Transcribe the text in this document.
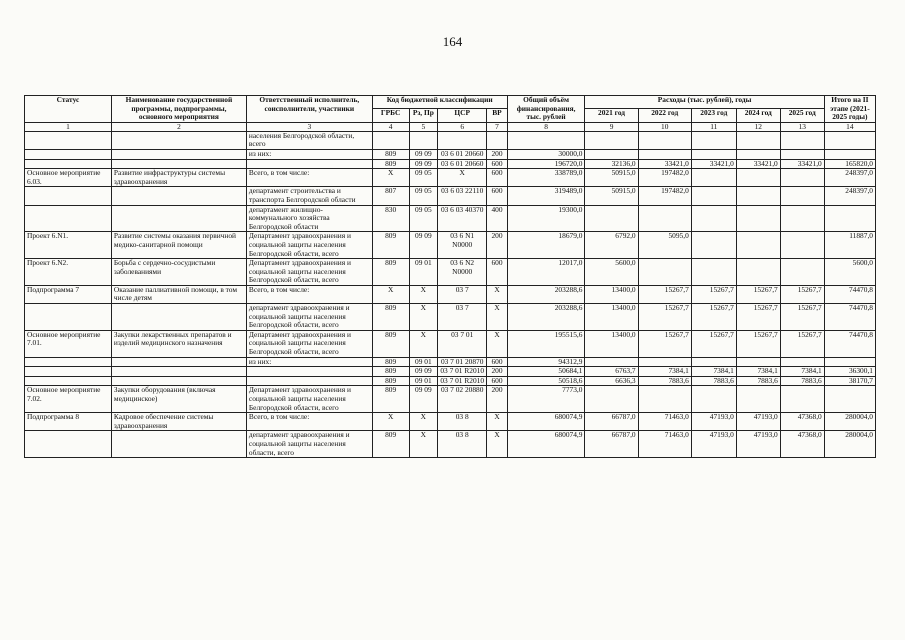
164
Статус	Наименование государственной программы, подпрограммы, основного мероприятия	Ответственный исполнитель, соисполнители, участники	Код бюджетной классификации				Общий объём финансирования, тыс. рублей	Расходы (тыс. рублей), годы					Итого на II этапе (2021-2025 годы)
			ГРБС	Рз, Пр	ЦСР	ВР		2021 год	2022 год	2023 год	2024 год	2025 год	
1	2	3	4	5	6	7	8	9	10	11	12	13	14
		населения Белгородской области, всего											
		из них:	809	09 09	03 6 01 20660	200	30000,0						
			809	09 09	03 6 01 20660	600	196720,0	32136,0	33421,0	33421,0	33421,0	33421,0	165820,0
Основное мероприятие 6.03.	Развитие инфраструктуры системы здравоохранения	Всего, в том числе:	Х	09 05	Х	600	338789,0	50915,0	197482,0				248397,0
		департамент строительства и транспорта Белгородской области	807	09 05	03 6 03 22110	600	319489,0	50915,0	197482,0				248397,0
		департамент жилищно-коммунального хозяйства Белгородской области	830	09 05	03 6 03 40370	400	19300,0						
Проект 6.N1.	Развитие системы оказания первичной медико-санитарной помощи	Департамент здравоохранения и социальной защиты населения Белгородской области, всего	809	09 09	03 6 N1 N0000	200	18679,0	6792,0	5095,0				11887,0
Проект 6.N2.	Борьба с сердечно-сосудистыми заболеваниями	Департамент здравоохранения и социальной защиты населения Белгородской области, всего	809	09 01	03 6 N2 N0000	600	12017,0	5600,0					5600,0
Подпрограмма 7	Оказание паллиативной помощи, в том числе детям	Всего, в том числе:	Х	Х	03 7	Х	203288,6	13400,0	15267,7	15267,7	15267,7	15267,7	74470,8
		департамент здравоохранения и социальной защиты населения Белгородской области, всего	809	Х	03 7	Х	203288,6	13400,0	15267,7	15267,7	15267,7	15267,7	74470,8
Основное мероприятие 7.01.	Закупки лекарственных препаратов и изделий медицинского назначения	Департамент здравоохранения и социальной защиты населения Белгородской области, всего	809	Х	03 7 01	Х	195515,6	13400,0	15267,7	15267,7	15267,7	15267,7	74470,8
		из них:	809	09 01	03 7 01 20870	600	94312,9						
			809	09 09	03 7 01 R2010	200	50684,1	6763,7	7384,1	7384,1	7384,1	7384,1	36300,1
			809	09 01	03 7 01 R2010	600	50518,6	6636,3	7883,6	7883,6	7883,6	7883,6	38170,7
Основное мероприятие 7.02.	Закупки оборудования (включая медицинское)	Департамент здравоохранения и социальной защиты населения Белгородской области, всего	809	09 09	03 7 02 20880	200	7773,0						
Подпрограмма 8	Кадровое обеспечение системы здравоохранения	Всего, в том числе:	Х	Х	03 8	Х	680074,9	66787,0	71463,0	47193,0	47193,0	47368,0	280004,0
		департамент здравоохранения и социальной защиты населения области, всего	809	Х	03 8	Х	680074,9	66787,0	71463,0	47193,0	47193,0	47368,0	280004,0
